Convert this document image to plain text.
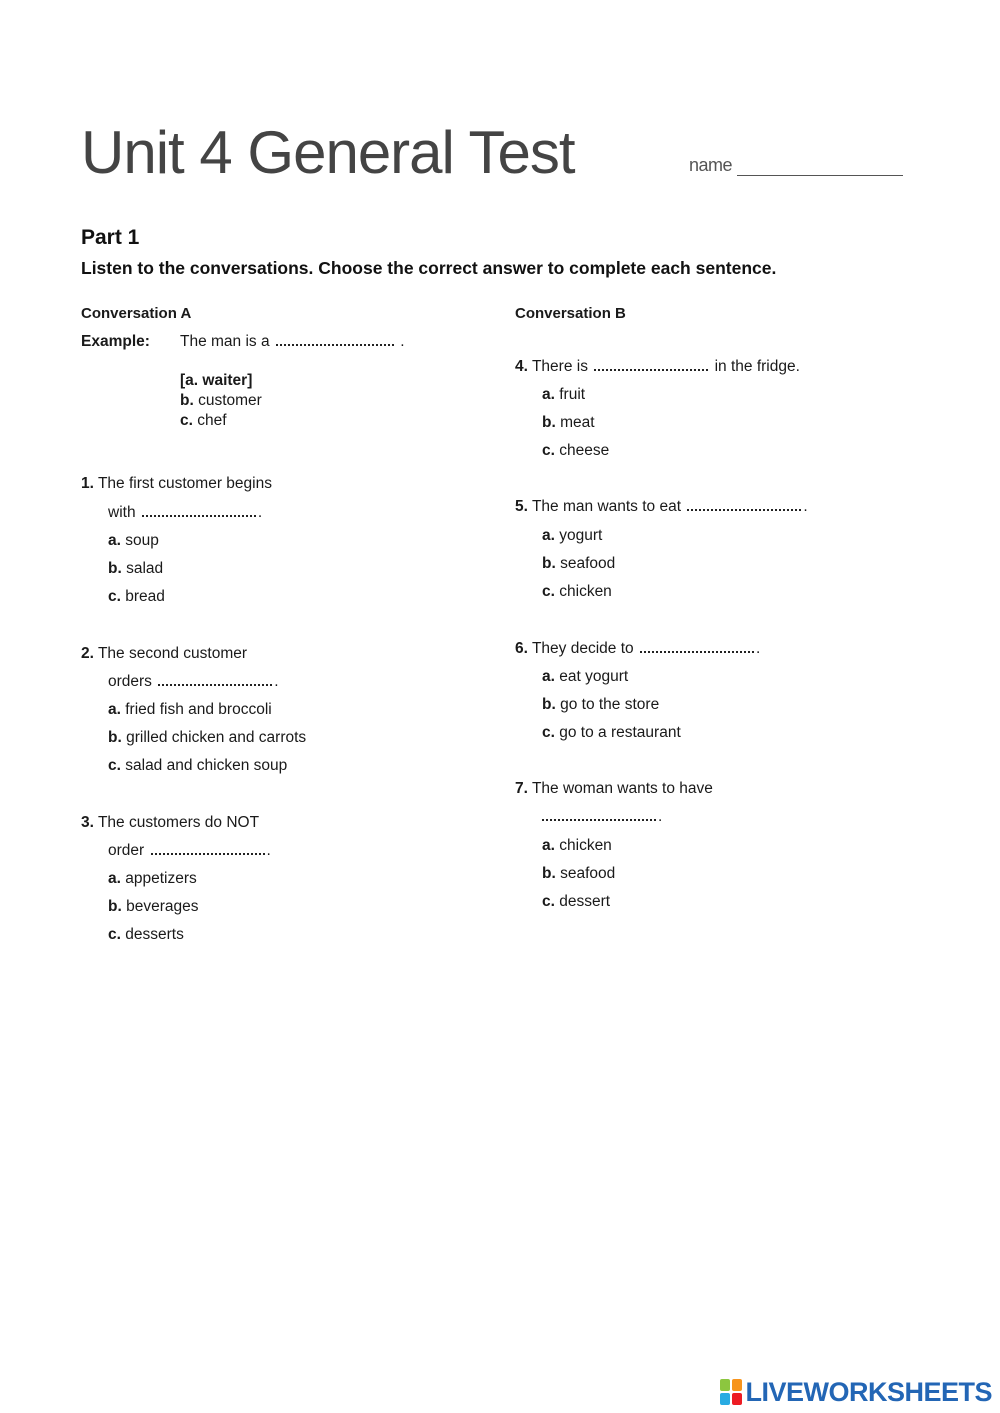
Unit 4 General Test	name
Part 1
Listen to the conversations. Choose the correct answer to complete each sentence.
Conversation A
Example: The man is a	.
[a. waiter]
b. customer
c. chef
1. The first customer begins
with	.
a. soup
b. salad
c. bread
2. The second customer
orders	.
a. fried fish and broccoli
b. grilled chicken and carrots
c. salad and chicken soup
3. The customers do NOT
order	.
a. appetizers
b. beverages
c. desserts
Conversation B
4. There is	in the fridge.
a. fruit
b. meat
c. cheese
5. The man wants to eat	.
a. yogurt
b. seafood
c. chicken
6. They decide to	.
a. eat yogurt
b. go to the store
c. go to a restaurant
7. The woman wants to have
.
a. chicken
b. seafood
c. dessert
LIVEWORKSHEETS
